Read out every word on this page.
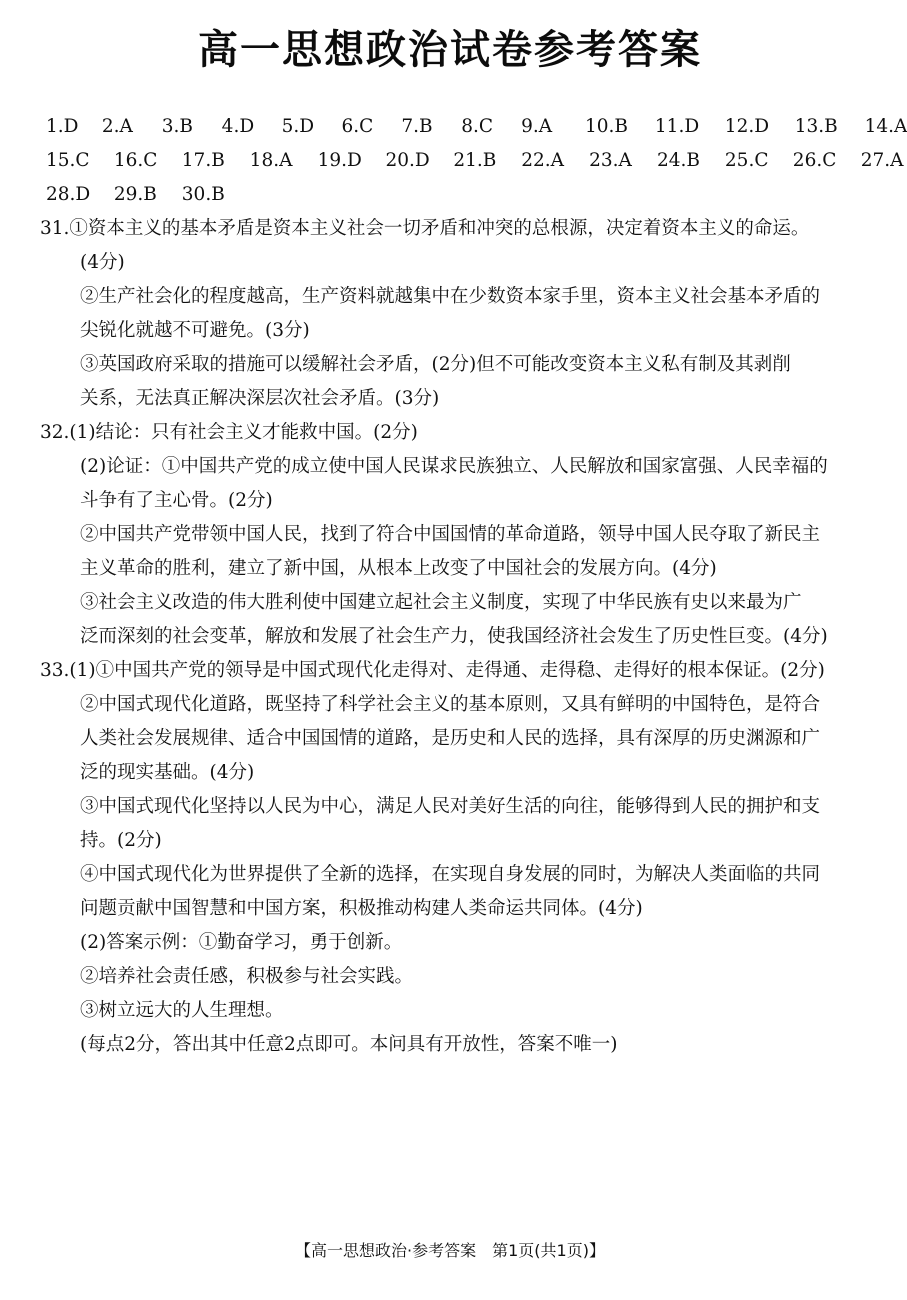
高一思想政治试卷参考答案
1.D 2.A 3.B 4.D 5.D 6.C 7.B 8.C 9.A 10.B 11.D 12.D 13.B 14.A
15.C 16.C 17.B 18.A 19.D 20.D 21.B 22.A 23.A 24.B 25.C 26.C 27.A
28.D 29.B 30.B
31.①资本主义的基本矛盾是资本主义社会一切矛盾和冲突的总根源，决定着资本主义的命运。
(4分)
②生产社会化的程度越高，生产资料就越集中在少数资本家手里，资本主义社会基本矛盾的
尖锐化就越不可避免。(3分)
③英国政府采取的措施可以缓解社会矛盾，(2分)但不可能改变资本主义私有制及其剥削
关系，无法真正解决深层次社会矛盾。(3分)
32.(1)结论：只有社会主义才能救中国。(2分)
(2)论证：①中国共产党的成立使中国人民谋求民族独立、人民解放和国家富强、人民幸福的
斗争有了主心骨。(2分)
②中国共产党带领中国人民，找到了符合中国国情的革命道路，领导中国人民夺取了新民主
主义革命的胜利，建立了新中国，从根本上改变了中国社会的发展方向。(4分)
③社会主义改造的伟大胜利使中国建立起社会主义制度，实现了中华民族有史以来最为广
泛而深刻的社会变革，解放和发展了社会生产力，使我国经济社会发生了历史性巨变。(4分)
33.(1)①中国共产党的领导是中国式现代化走得对、走得通、走得稳、走得好的根本保证。(2分)
②中国式现代化道路，既坚持了科学社会主义的基本原则，又具有鲜明的中国特色，是符合
人类社会发展规律、适合中国国情的道路，是历史和人民的选择，具有深厚的历史渊源和广
泛的现实基础。(4分)
③中国式现代化坚持以人民为中心，满足人民对美好生活的向往，能够得到人民的拥护和支
持。(2分)
④中国式现代化为世界提供了全新的选择，在实现自身发展的同时，为解决人类面临的共同
问题贡献中国智慧和中国方案，积极推动构建人类命运共同体。(4分)
(2)答案示例：①勤奋学习，勇于创新。
②培养社会责任感，积极参与社会实践。
③树立远大的人生理想。
(每点2分，答出其中任意2点即可。本问具有开放性，答案不唯一)
【高一思想政治·参考答案　第1页(共1页)】
